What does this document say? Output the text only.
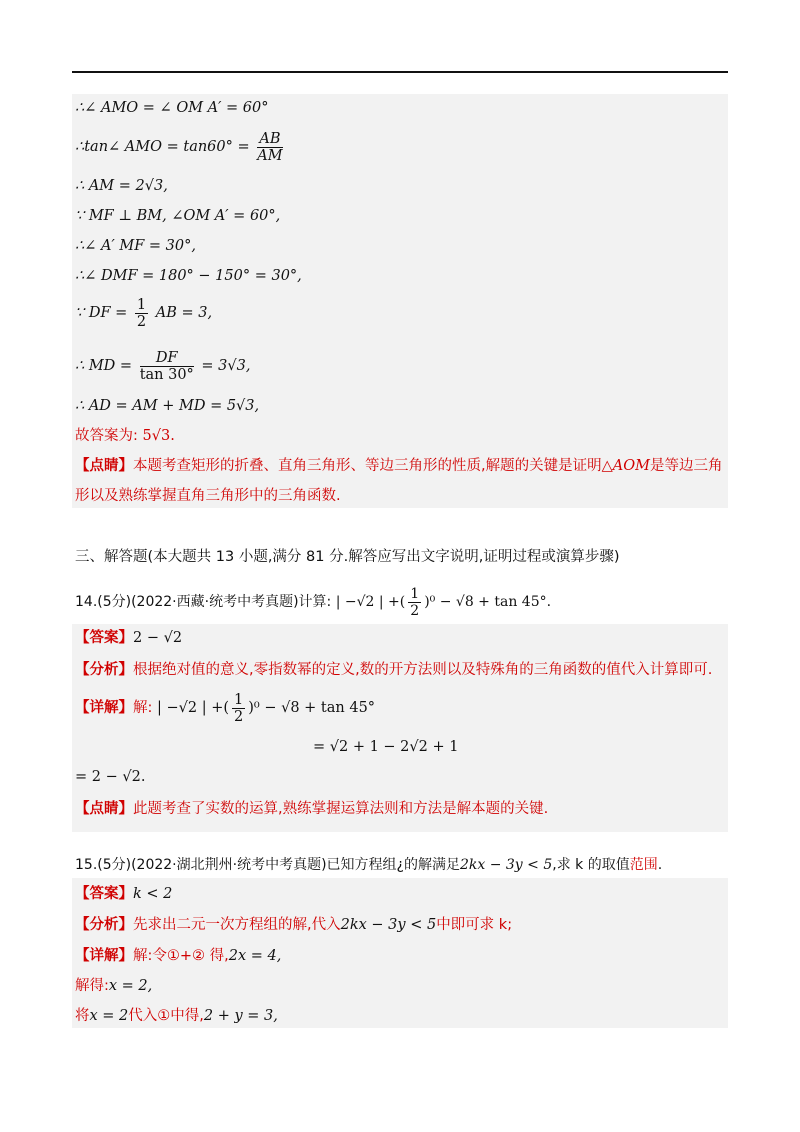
∴∠ AMO = ∠ OM A′ = 60°
∴tan∠ AMO = $\tan 60^\circ = \frac{AB}{AM}$
∴ AM = 2√3,
∵ MF ⊥ BM, ∠OM A′ = 60°,
∴∠ A′ MF = 30°,
∴∠ DMF = 180° − 150° = 30°,
∵ DF = $\frac{1}{2}$ AB = 3,
∴ MD = $\frac{DF}{\tan 30^\circ} = 3√3$,
∴ AD = AM + MD = 5√3,
故答案为: 5√3.
【点睛】本题考查矩形的折叠、直角三角形、等边三角形的性质,解题的关键是证明△AOM是等边三角
形以及熟练掌握直角三角形中的三角函数.
三、解答题(本大题共 13 小题,满分 81 分.解答应写出文字说明,证明过程或演算步骤)
14.(5分)(2022·西藏·统考中考真题)计算: | −√2 | +( $\frac{1}{2} )^0 - √8 + \tan 45^\circ$.
【答案】2 − √2
【分析】根据绝对值的意义,零指数幂的定义,数的开方法则以及特殊角的三角函数的值代入计算即可.
【详解】解: | −√2 | +( $\frac{1}{2} )^0 - √8 + \tan 45^\circ$
= √2 + 1 − 2√2 + 1
= 2 − √2.
【点睛】此题考查了实数的运算,熟练掌握运算法则和方法是解本题的关键.
15.(5分)(2022·湖北荆州·统考中考真题)已知方程组¿的解满足2kx − 3y < 5,求 k 的取值范围.
【答案】k < 2
【分析】先求出二元一次方程组的解,代入2kx − 3y < 5中即可求 k;
【详解】解:令①+② 得,2x = 4,
解得:x = 2,
将x = 2代入①中得,2 + y = 3,
